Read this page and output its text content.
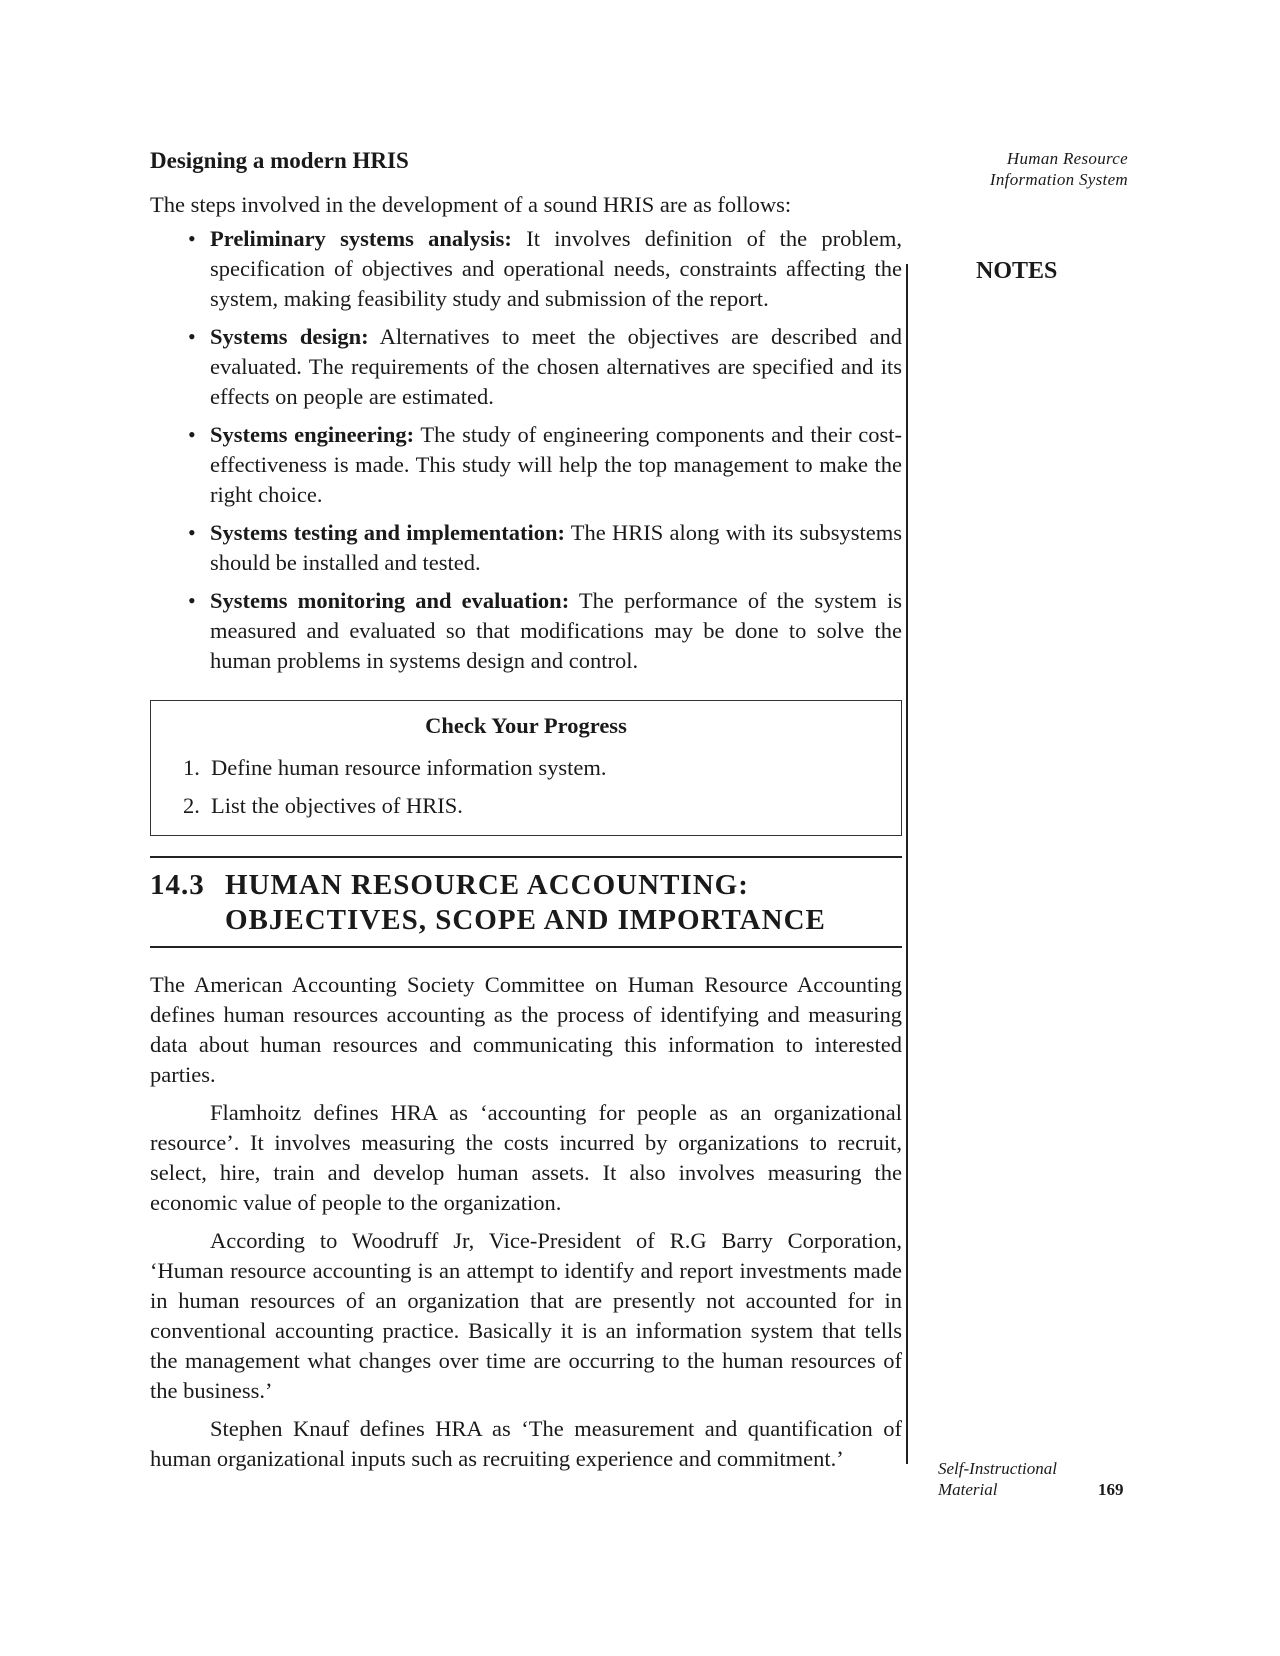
Human Resource
Information System
NOTES
Designing a modern HRIS

The steps involved in the development of a sound HRIS are as follows:

• Preliminary systems analysis: It involves definition of the problem, specification of objectives and operational needs, constraints affecting the system, making feasibility study and submission of the report.
• Systems design: Alternatives to meet the objectives are described and evaluated. The requirements of the chosen alternatives are specified and its effects on people are estimated.
• Systems engineering: The study of engineering components and their cost- effectiveness is made. This study will help the top management to make the right choice.
• Systems testing and implementation: The HRIS along with its subsystems should be installed and tested.
• Systems monitoring and evaluation: The performance of the system is measured and evaluated so that modifications may be done to solve the human problems in systems design and control.
Check Your Progress
1. Define human resource information system.
2. List the objectives of HRIS.
14.3 HUMAN RESOURCE ACCOUNTING:
OBJECTIVES, SCOPE AND IMPORTANCE

The American Accounting Society Committee on Human Resource Accounting defines human resources accounting as the process of identifying and measuring data about human resources and communicating this information to interested parties.

Flamhoitz defines HRA as ‘accounting for people as an organizational resource’. It involves measuring the costs incurred by organizations to recruit, select, hire, train and develop human assets. It also involves measuring the economic value of people to the organization.

According to Woodruff Jr, Vice-President of R.G Barry Corporation, ‘Human resource accounting is an attempt to identify and report investments made in human resources of an organization that are presently not accounted for in conventional accounting practice. Basically it is an information system that tells the management what changes over time are occurring to the human resources of the business.’

Stephen Knauf defines HRA as ‘The measurement and quantification of human organizational inputs such as recruiting experience and commitment.’	Self-Instructional
Material	169
